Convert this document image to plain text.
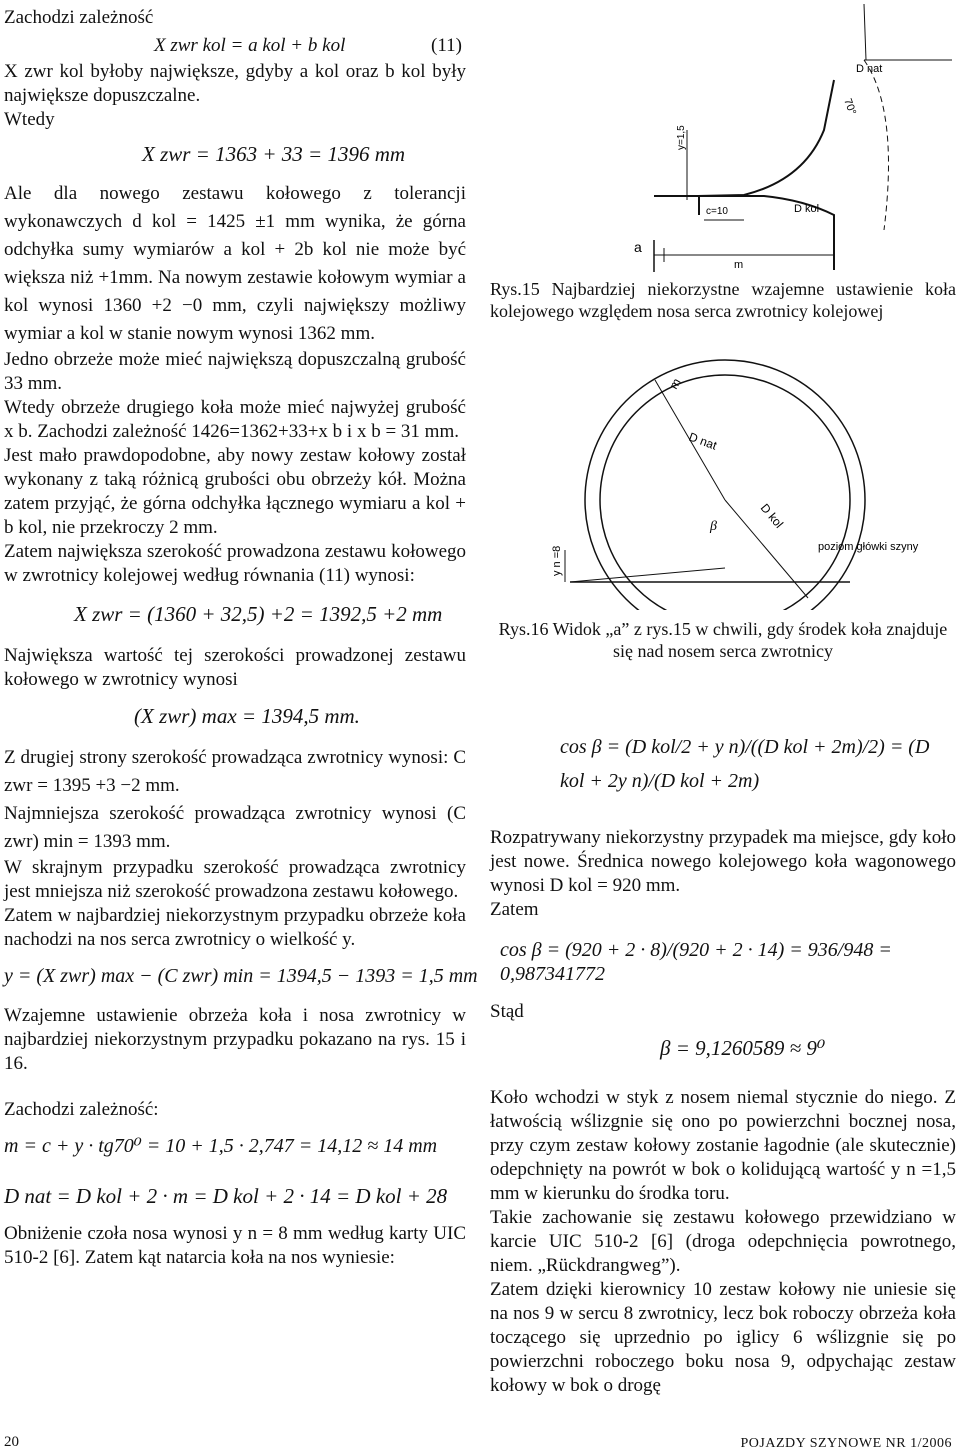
Zachodzi zależność

X zwr kol = a kol + b kol	(11)

X zwr kol byłoby największe, gdyby a kol oraz b kol były największe dopuszczalne.

Wtedy

X zwr = 1363 + 33 = 1396 mm

Ale dla nowego zestawu kołowego z tolerancji wykonawczych d kol = 1425 ±1 mm wynika, że górna odchyłka sumy wymiarów a kol + 2b kol nie może być większa niż +1mm. Na nowym zestawie kołowym wymiar a kol wynosi 1360 +2 −0 mm, czyli największy możliwy wymiar a kol w stanie nowym wynosi 1362 mm.

Jedno obrzeże może mieć największą dopuszczalną grubość 33 mm.

Wtedy obrzeże drugiego koła może mieć najwyżej grubość x b. Zachodzi zależność 1426=1362+33+x b i x b = 31 mm.

Jest mało prawdopodobne, aby nowy zestaw kołowy został wykonany z taką różnicą grubości obu obrzeży kół. Można zatem przyjąć, że górna odchyłka łącznego wymiaru a kol + b kol, nie przekroczy 2 mm.

Zatem największa szerokość prowadzona zestawu kołowego w zwrotnicy kolejowej według równania (11) wynosi:

X zwr = (1360 + 32,5) +2 = 1392,5 +2 mm

Największa wartość tej szerokości prowadzonej zestawu kołowego w zwrotnicy wynosi

(X zwr) max = 1394,5 mm.

Z drugiej strony szerokość prowadząca zwrotnicy wynosi: C zwr = 1395 +3 −2 mm.

Najmniejsza szerokość prowadząca zwrotnicy wynosi (C zwr) min = 1393 mm.

W skrajnym przypadku szerokość prowadząca zwrotnicy jest mniejsza niż szerokość prowadzona zestawu kołowego.

Zatem w najbardziej niekorzystnym przypadku obrzeże koła nachodzi na nos serca zwrotnicy o wielkość y.

y = (X zwr) max − (C zwr) min = 1394,5 − 1393 = 1,5 mm

Wzajemne ustawienie obrzeża koła i nosa zwrotnicy w najbardziej niekorzystnym przypadku pokazano na rys. 15 i 16.

Zachodzi zależność:

m = c + y · tg70⁰ = 10 + 1,5 · 2,747 = 14,12 ≈ 14 mm

D nat = D kol + 2 · m = D kol + 2 · 14 = D kol + 28

Obniżenie czoła nosa wynosi y n = 8 mm według karty UIC 510-2 [6]. Zatem kąt natarcia koła na nos wyniesie:

D nat
70°
y=1,5
c=10	D kol
a
m

Rys.15 Najbardziej niekorzystne wzajemne ustawienie koła kolejowego względem nosa serca zwrotnicy kolejowej

m
D nat
D kol
β
y n =8	poziom główki szyny

Rys.16 Widok „a” z rys.15 w chwili, gdy środek koła znajduje się nad nosem serca zwrotnicy

cos β = (D kol/2 + y n)/((D kol + 2m)/2) = (D kol + 2y n)/(D kol + 2m)

Rozpatrywany niekorzystny przypadek ma miejsce, gdy koło jest nowe. Średnica nowego kolejowego koła wagonowego wynosi D kol = 920 mm.

Zatem

cos β = (920 + 2 · 8)/(920 + 2 · 14) = 936/948 = 0,987341772

Stąd

β = 9,1260589 ≈ 9⁰

Koło wchodzi w styk z nosem niemal stycznie do niego. Z łatwością wślizgnie się ono po powierzchni bocznej nosa, przy czym zestaw kołowy zostanie łagodnie (ale skutecznie) odepchnięty na powrót w bok o kolidującą wartość y n =1,5 mm w kierunku do środka toru.

Takie zachowanie się zestawu kołowego przewidziano w karcie UIC 510-2 [6] (droga odepchnięcia powrotnego, niem. „Rückdrangweg”).

Zatem dzięki kierownicy 10 zestaw kołowy nie uniesie się na nos 9 w sercu 8 zwrotnicy, lecz bok roboczy obrzeża koła toczącego się uprzednio po iglicy 6 wślizgnie się po powierzchni roboczego boku nosa 9, odpychając zestaw kołowy w bok o drogę

20	POJAZDY SZYNOWE NR 1/2006
